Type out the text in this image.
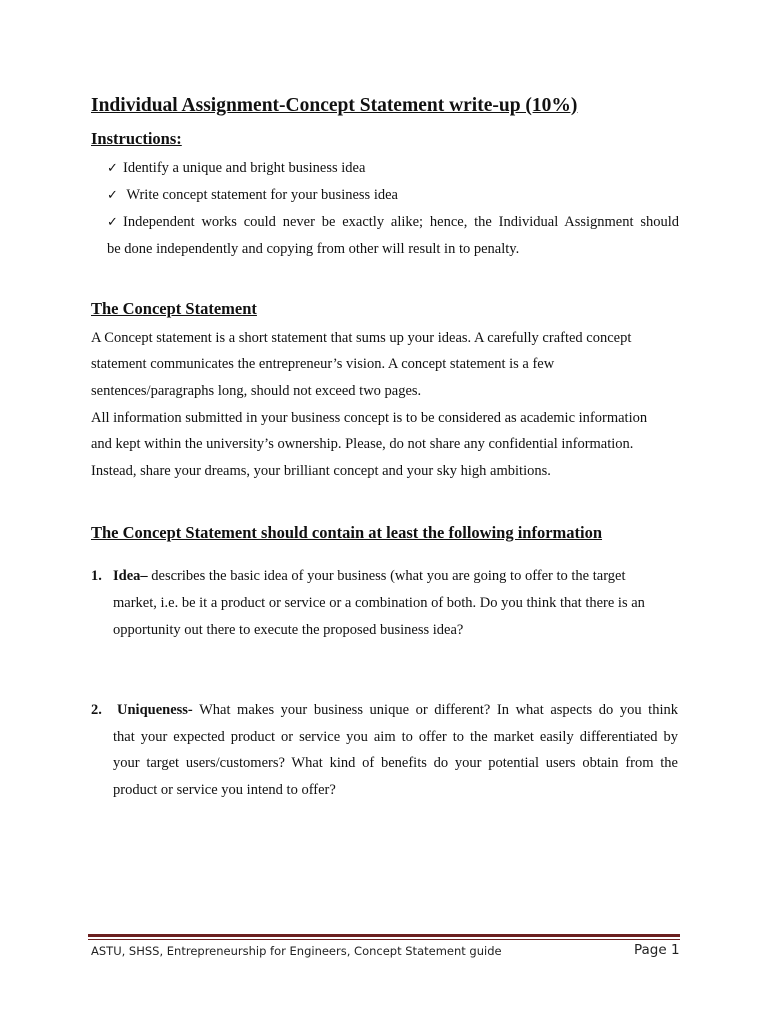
Individual Assignment-Concept Statement write-up (10%)
Instructions:
✓ Identify a unique and bright business idea
✓ Write concept statement for your business idea
✓ Independent works could never be exactly alike; hence, the Individual Assignment should
be done independently and copying from other will result in to penalty.
The Concept Statement
A Concept statement is a short statement that sums up your ideas. A carefully crafted concept
statement communicates the entrepreneur’s vision. A concept statement is a few
sentences/paragraphs long, should not exceed two pages.
All information submitted in your business concept is to be considered as academic information
and kept within the university’s ownership. Please, do not share any confidential information.
Instead, share your dreams, your brilliant concept and your sky high ambitions.
The Concept Statement should contain at least the following information
1. Idea– describes the basic idea of your business (what you are going to offer to the target
market, i.e. be it a product or service or a combination of both. Do you think that there is an
opportunity out there to execute the proposed business idea?
2. Uniqueness- What makes your business unique or different? In what aspects do you think
that your expected product or service you aim to offer to the market easily differentiated by
your target users/customers? What kind of benefits do your potential users obtain from the
product or service you intend to offer?
ASTU, SHSS, Entrepreneurship for Engineers, Concept Statement guide	Page 1
